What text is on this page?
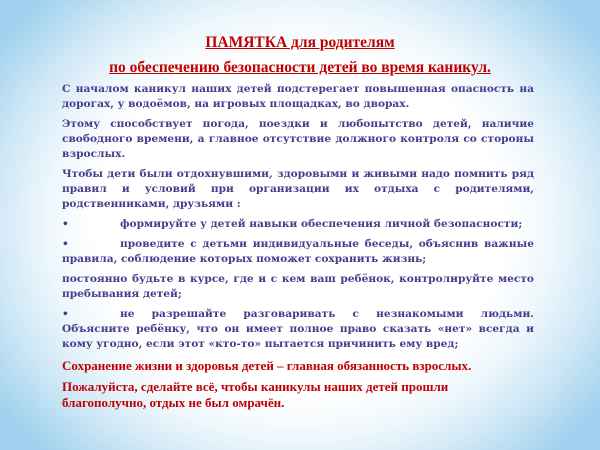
ПАМЯТКА для родителям
по обеспечению безопасности детей во время каникул.

С началом каникул наших детей подстерегает повышенная опасность на дорогах, у водоёмов, на игровых площадках, во дворах.

Этому способствует погода, поездки и любопытство детей, наличие свободного времени, а главное отсутствие должного контроля со стороны взрослых.

Чтобы дети были отдохнувшими, здоровыми и живыми надо помнить ряд правил и условий при организации их отдыха с родителями, родственниками, друзьями :

•	формируйте у детей навыки обеспечения личной безопасности;

•	проведите с детьми индивидуальные беседы, объяснив важные правила, соблюдение которых поможет сохранить жизнь;

постоянно будьте в курсе, где и с кем ваш ребёнок, контролируйте место пребывания детей;

•	не разрешайте разговаривать с незнакомыми людьми. Объясните ребёнку, что он имеет полное право сказать «нет» всегда и кому угодно, если этот «кто-то» пытается причинить ему вред;

Сохранение жизни и здоровья детей – главная обязанность взрослых.

Пожалуйста, сделайте всё, чтобы каникулы наших детей прошли благополучно, отдых не был омрачён.
